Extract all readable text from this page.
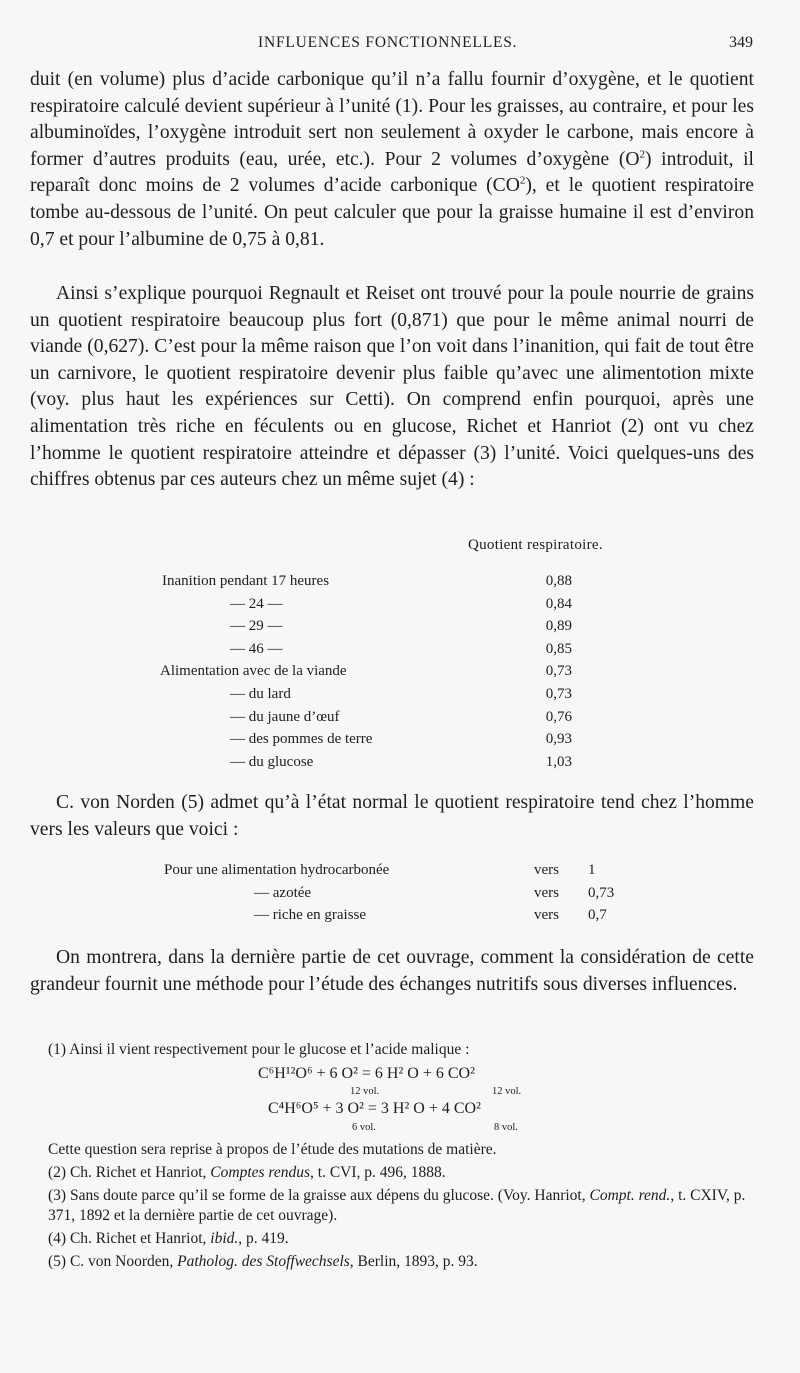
INFLUENCES FONCTIONNELLES.	349

duit (en volume) plus d’acide carbonique qu’il n’a fallu fournir d’oxygène, et le quotient respiratoire calculé devient supérieur à l’unité (1). Pour les graisses, au contraire, et pour les albuminoïdes, l’oxygène introduit sert non seulement à oxyder le carbone, mais encore à former d’autres produits (eau, urée, etc.). Pour 2 volumes d’oxygène $(O^2)$ introduit, il reparaît donc moins de 2 volumes d’acide carbonique $(CO^2)$, et le quotient respiratoire tombe au-dessous de l’unité. On peut calculer que pour la graisse humaine il est d’environ 0,7 et pour l’albumine de 0,75 à 0,81.

Ainsi s’explique pourquoi Regnault et Reiset ont trouvé pour la poule nourrie de grains un quotient respiratoire beaucoup plus fort (0,871) que pour le même animal nourri de viande (0,627). C’est pour la même raison que l’on voit dans l’inanition, qui fait de tout être un carnivore, le quotient respiratoire devenir plus faible qu’avec une alimentotion mixte (voy. plus haut les expériences sur Cetti). On comprend enfin pourquoi, après une alimentation très riche en féculents ou en glucose, Richet et Hanriot (2) ont vu chez l’homme le quotient respiratoire atteindre et dépasser (3) l’unité. Voici quelques-uns des chiffres obtenus par ces auteurs chez un même sujet (4) :

Quotient respiratoire.
Inanition pendant 17 heures	0,88
— 24 —	0,84
— 29 —	0,89
— 46 —	0,85
Alimentation avec de la viande	0,73
— du lard	0,73
— du jaune d’œuf	0,76
— des pommes de terre	0,93
— du glucose	1,03

C. von Norden (5) admet qu’à l’état normal le quotient respiratoire tend chez l’homme vers les valeurs que voici :

Pour une alimentation hydrocarbonée	vers 1
— azotée	vers 0,73
— riche en graisse	vers 0,7

On montrera, dans la dernière partie de cet ouvrage, comment la considération de cette grandeur fournit une méthode pour l’étude des échanges nutritifs sous diverses influences.

(1) Ainsi il vient respectivement pour le glucose et l’acide malique :

C⁶H¹²O⁶ + 6 O² = 6 H² O + 6 CO²
12 vol.	12 vol.
C⁴H⁶O⁵ + 3 O² = 3 H² O + 4 CO²
6 vol.	8 vol.

Cette question sera reprise à propos de l’étude des mutations de matière.

(2) Ch. Richet et Hanriot, Comptes rendus, t. CVI, p. 496, 1888.

(3) Sans doute parce qu’il se forme de la graisse aux dépens du glucose. (Voy. Hanriot, Compt. rend., t. CXIV, p. 371, 1892 et la dernière partie de cet ouvrage).

(4) Ch. Richet et Hanriot, ibid., p. 419.

(5) C. von Noorden, Patholog. des Stoffwechsels, Berlin, 1893, p. 93.
